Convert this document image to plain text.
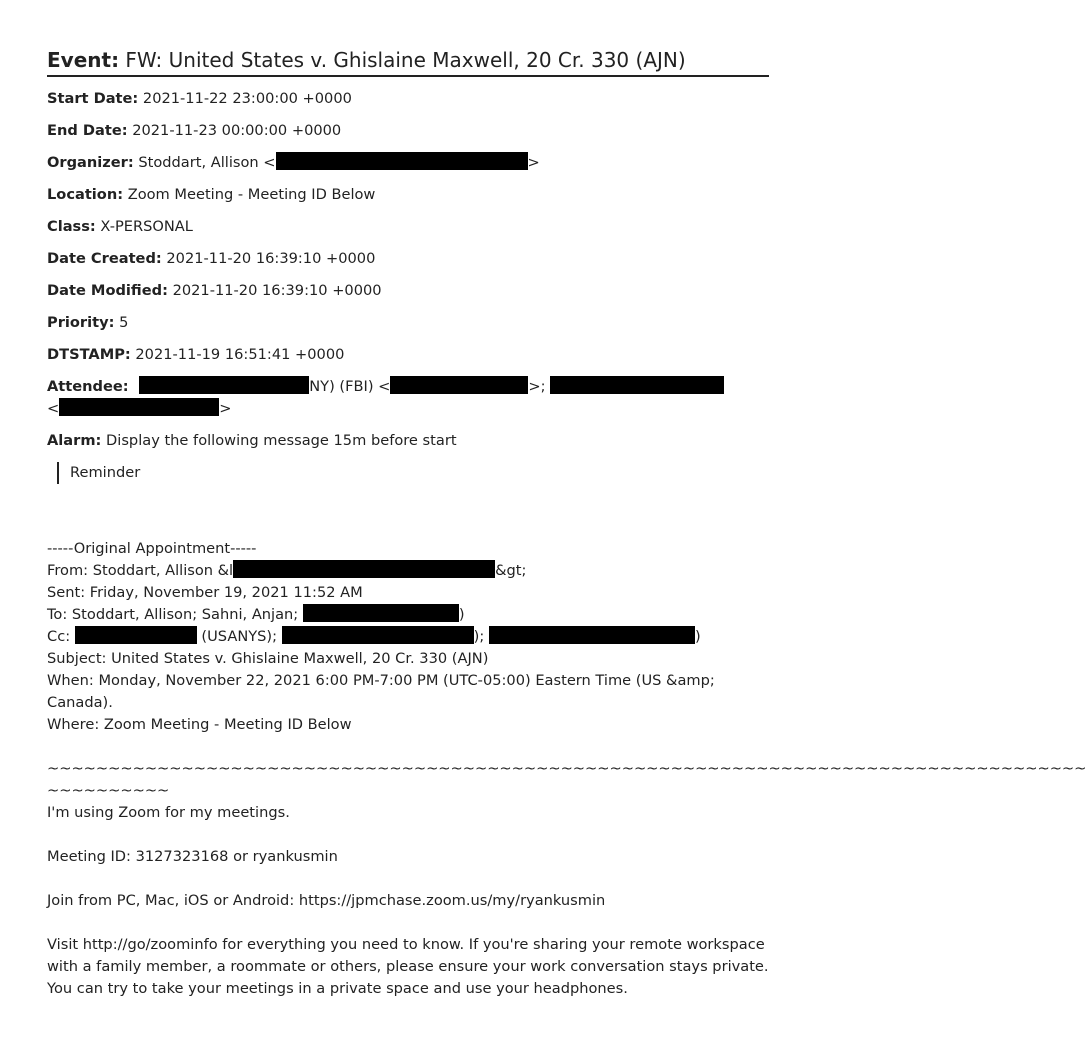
Event: FW: United States v. Ghislaine Maxwell, 20 Cr. 330 (AJN)
Start Date: 2021-11-22 23:00:00 +0000
End Date: 2021-11-23 00:00:00 +0000
Organizer: Stoddart, Allison <	>
Location: Zoom Meeting - Meeting ID Below
Class: X-PERSONAL
Date Created: 2021-11-20 16:39:10 +0000
Date Modified: 2021-11-20 16:39:10 +0000
Priority: 5
DTSTAMP: 2021-11-19 16:51:41 +0000
Attendee:	NY) (FBI) <	>;
<	>
Alarm: Display the following message 15m before start
Reminder
-----Original Appointment-----
From: Stoddart, Allison &l	&gt;
Sent: Friday, November 19, 2021 11:52 AM
To: Stoddart, Allison; Sahni, Anjan;	)
Cc:	(USANYS);	);	)
Subject: United States v. Ghislaine Maxwell, 20 Cr. 330 (AJN)
When: Monday, November 22, 2021 6:00 PM-7:00 PM (UTC-05:00) Eastern Time (US &amp;
Canada).
Where: Zoom Meeting - Meeting ID Below
~~~~~~~~~~~~~~~~~~~~~~~~~~~~~~~~~~~~~~~~~~~~~~~~~~~~~~~~~~~~~~~~~~~~~~~~~~~~~~~~~~~~~
~~~~~~~~~~
I'm using Zoom for my meetings.
Meeting ID: 3127323168 or ryankusmin
Join from PC, Mac, iOS or Android: https://jpmchase.zoom.us/my/ryankusmin
Visit http://go/zoominfo for everything you need to know. If you're sharing your remote workspace with a family member, a roommate or others, please ensure your work conversation stays private. You can try to take your meetings in a private space and use your headphones.
